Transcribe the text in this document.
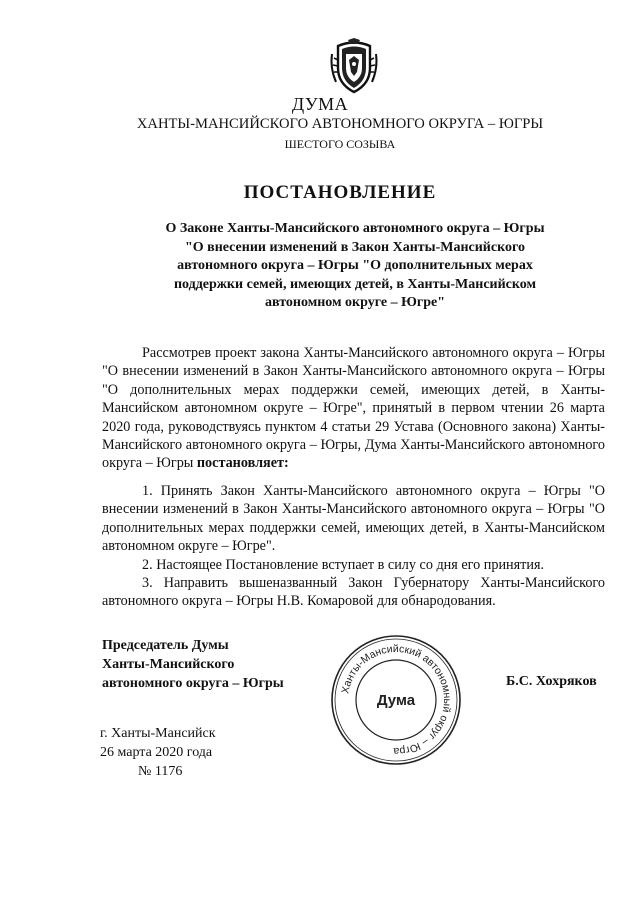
ДУМА
ХАНТЫ-МАНСИЙСКОГО АВТОНОМНОГО ОКРУГА – ЮГРЫ
ШЕСТОГО СОЗЫВА
ПОСТАНОВЛЕНИЕ
О Законе Ханты-Мансийского автономного округа – Югры
"О внесении изменений в Закон Ханты-Мансийского
автономного округа – Югры "О дополнительных мерах
поддержки семей, имеющих детей, в Ханты-Мансийском
автономном округе – Югре"

Рассмотрев проект закона Ханты-Мансийского автономного округа – Югры "О внесении изменений в Закон Ханты-Мансийского автономного округа – Югры "О дополнительных мерах поддержки семей, имеющих детей, в Ханты-Мансийском автономном округе – Югре", принятый в первом чтении 26 марта 2020 года, руководствуясь пунктом 4 статьи 29 Устава (Основного закона) Ханты-Мансийского автономного округа – Югры, Дума Ханты-Мансийского автономного округа – Югры постановляет:

1. Принять Закон Ханты-Мансийского автономного округа – Югры "О внесении изменений в Закон Ханты-Мансийского автономного округа – Югры "О дополнительных мерах поддержки семей, имеющих детей, в Ханты-Мансийском автономном округе – Югре".

2. Настоящее Постановление вступает в силу со дня его принятия.

3. Направить вышеназванный Закон Губернатору Ханты-Мансийского автономного округа – Югры Н.В. Комаровой для обнародования.

Председатель Думы
Ханты-Мансийского
автономного округа – Югры	Б.С. Хохряков
Ханты-Мансийский автономный округ – Югра
Дума
г. Ханты-Мансийск
26 марта 2020 года
№ 1176
